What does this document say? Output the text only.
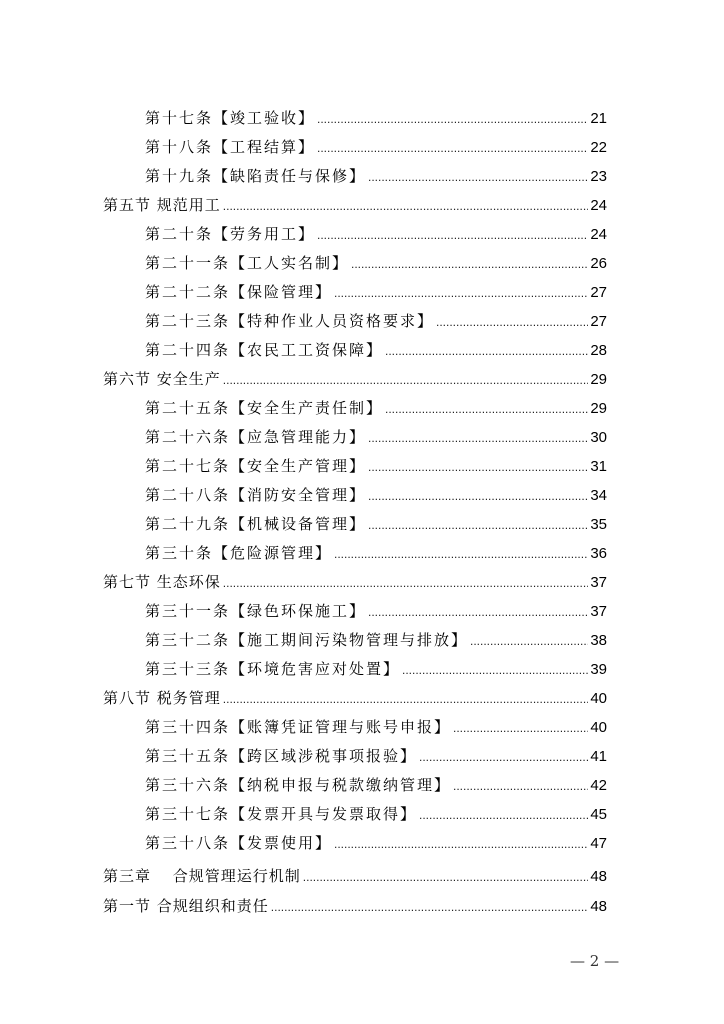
第十七条【竣工验收】 .....	21
第十八条【工程结算】 .....	22
第十九条【缺陷责任与保修】 .....	23
第五节 规范用工 .....	24
第二十条【劳务用工】 .....	24
第二十一条【工人实名制】 .....	26
第二十二条【保险管理】 .....	27
第二十三条【特种作业人员资格要求】 .....	27
第二十四条【农民工工资保障】 .....	28
第六节 安全生产 .....	29
第二十五条【安全生产责任制】 .....	29
第二十六条【应急管理能力】 .....	30
第二十七条【安全生产管理】 .....	31
第二十八条【消防安全管理】 .....	34
第二十九条【机械设备管理】 .....	35
第三十条【危险源管理】 .....	36
第七节 生态环保 .....	37
第三十一条【绿色环保施工】 .....	37
第三十二条【施工期间污染物管理与排放】 .....	38
第三十三条【环境危害应对处置】 .....	39
第八节 税务管理 .....	40
第三十四条【账簿凭证管理与账号申报】 .....	40
第三十五条【跨区域涉税事项报验】 .....	41
第三十六条【纳税申报与税款缴纳管理】 .....	42
第三十七条【发票开具与发票取得】 .....	45
第三十八条【发票使用】 .....	47
第三章　 合规管理运行机制 .....	48
第一节 合规组织和责任 .....	48
— 2 —
